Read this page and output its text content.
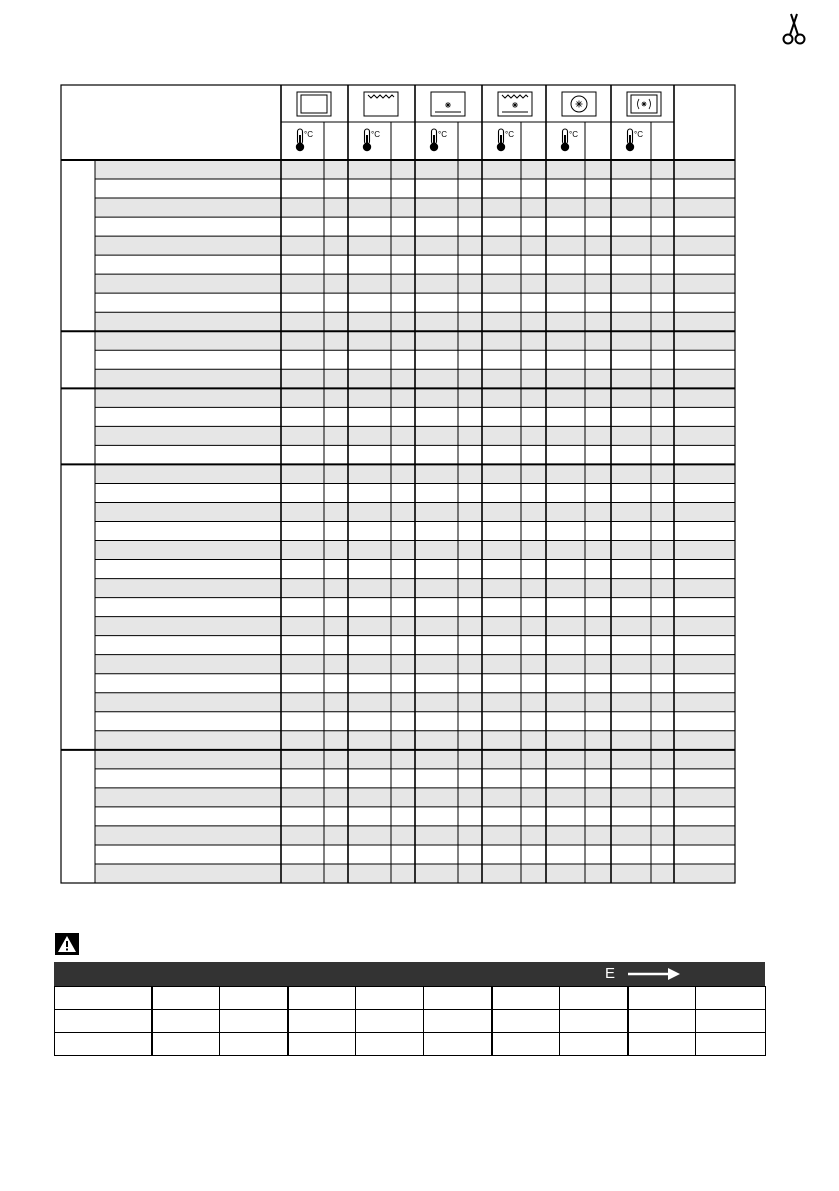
°C	°C	°C	°C	°C	°C
E
